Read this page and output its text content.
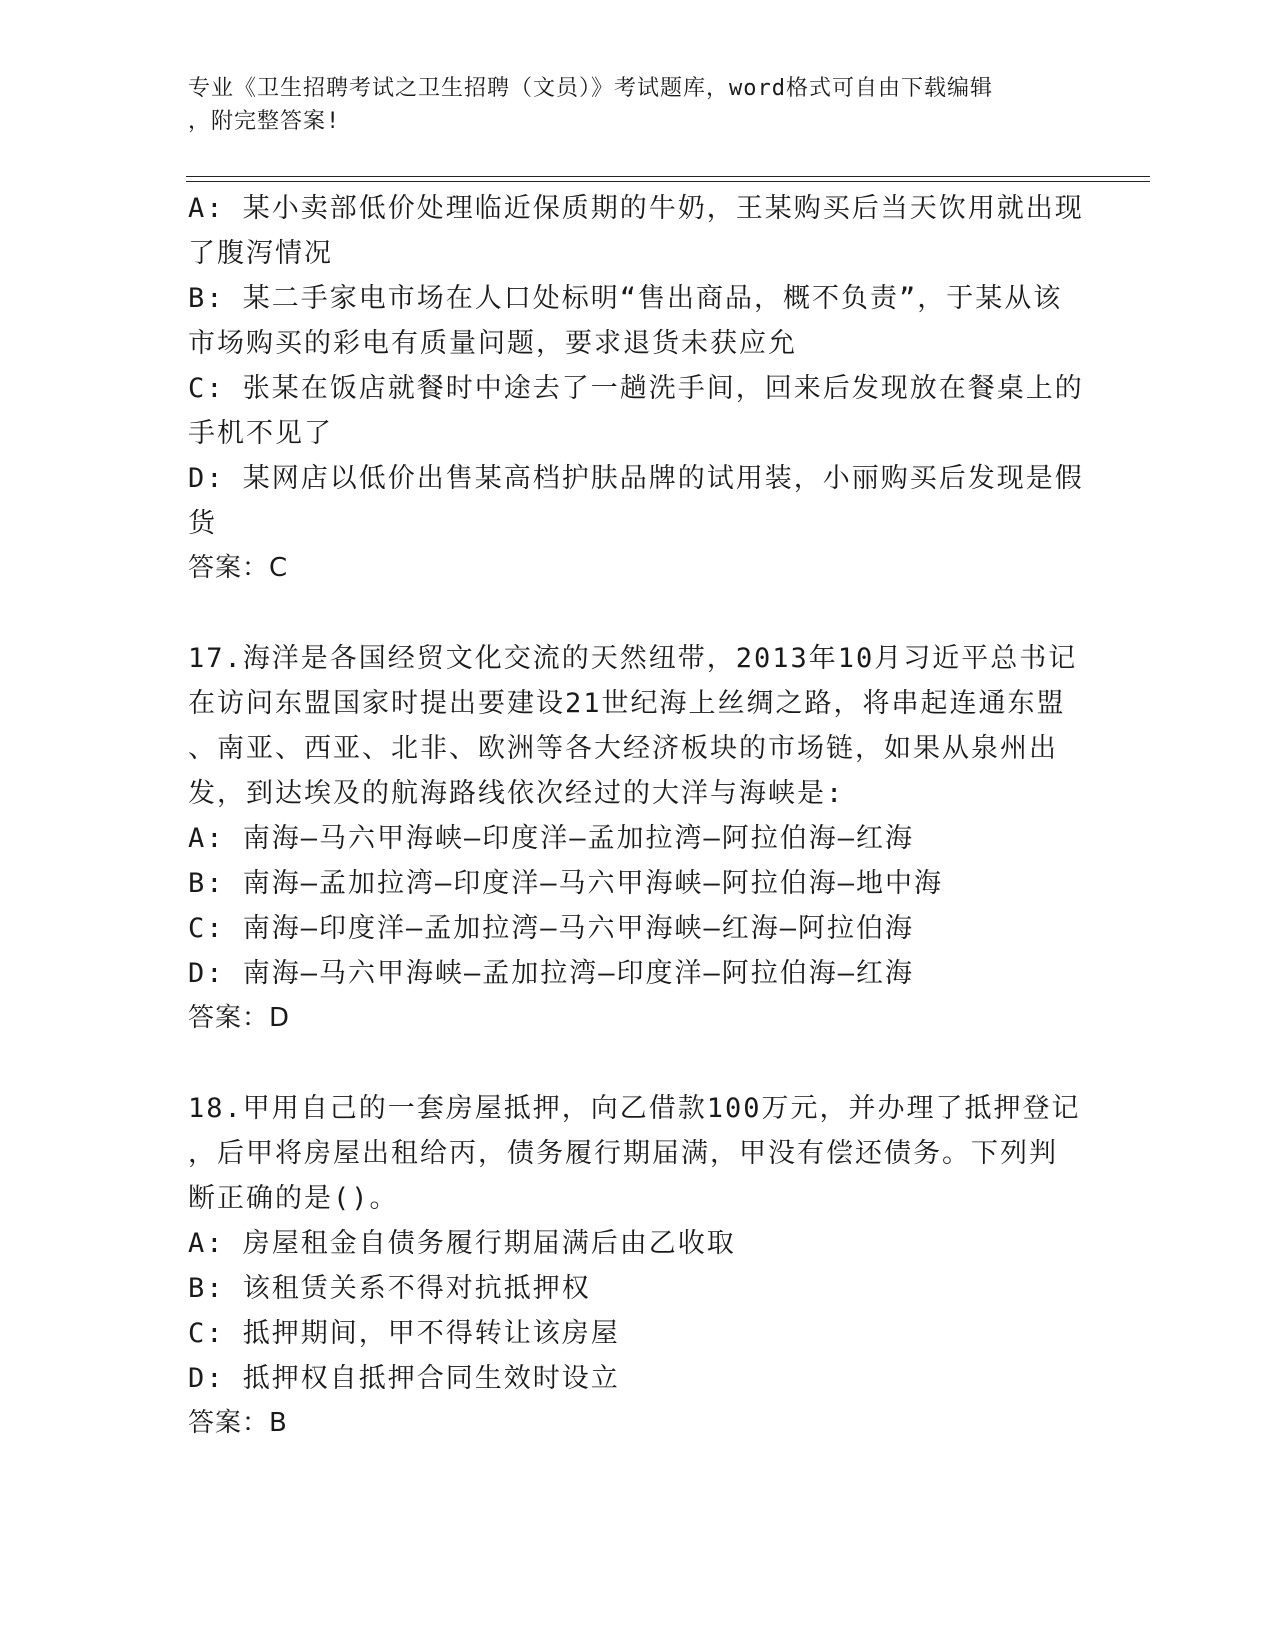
专业《卫生招聘考试之卫生招聘（文员）》考试题库，word格式可自由下载编辑
，附完整答案!
A: 某小卖部低价处理临近保质期的牛奶，王某购买后当天饮用就出现
了腹泻情况
B: 某二手家电市场在人口处标明“售出商品，概不负责”，于某从该
市场购买的彩电有质量问题，要求退货未获应允
C: 张某在饭店就餐时中途去了一趟洗手间，回来后发现放在餐桌上的
手机不见了
D: 某网店以低价出售某高档护肤品牌的试用装，小丽购买后发现是假
货
答案：C
17.海洋是各国经贸文化交流的天然纽带，2013年10月习近平总书记
在访问东盟国家时提出要建设21世纪海上丝绸之路，将串起连通东盟
、南亚、西亚、北非、欧洲等各大经济板块的市场链，如果从泉州出
发，到达埃及的航海路线依次经过的大洋与海峡是:
A: 南海—马六甲海峡—印度洋—孟加拉湾—阿拉伯海—红海
B: 南海—孟加拉湾—印度洋—马六甲海峡—阿拉伯海—地中海
C: 南海—印度洋—孟加拉湾—马六甲海峡—红海—阿拉伯海
D: 南海—马六甲海峡—孟加拉湾—印度洋—阿拉伯海—红海
答案：D
18.甲用自己的一套房屋抵押，向乙借款100万元，并办理了抵押登记
，后甲将房屋出租给丙，债务履行期届满，甲没有偿还债务。下列判
断正确的是()。
A: 房屋租金自债务履行期届满后由乙收取
B: 该租赁关系不得对抗抵押权
C: 抵押期间，甲不得转让该房屋
D: 抵押权自抵押合同生效时设立
答案：B
